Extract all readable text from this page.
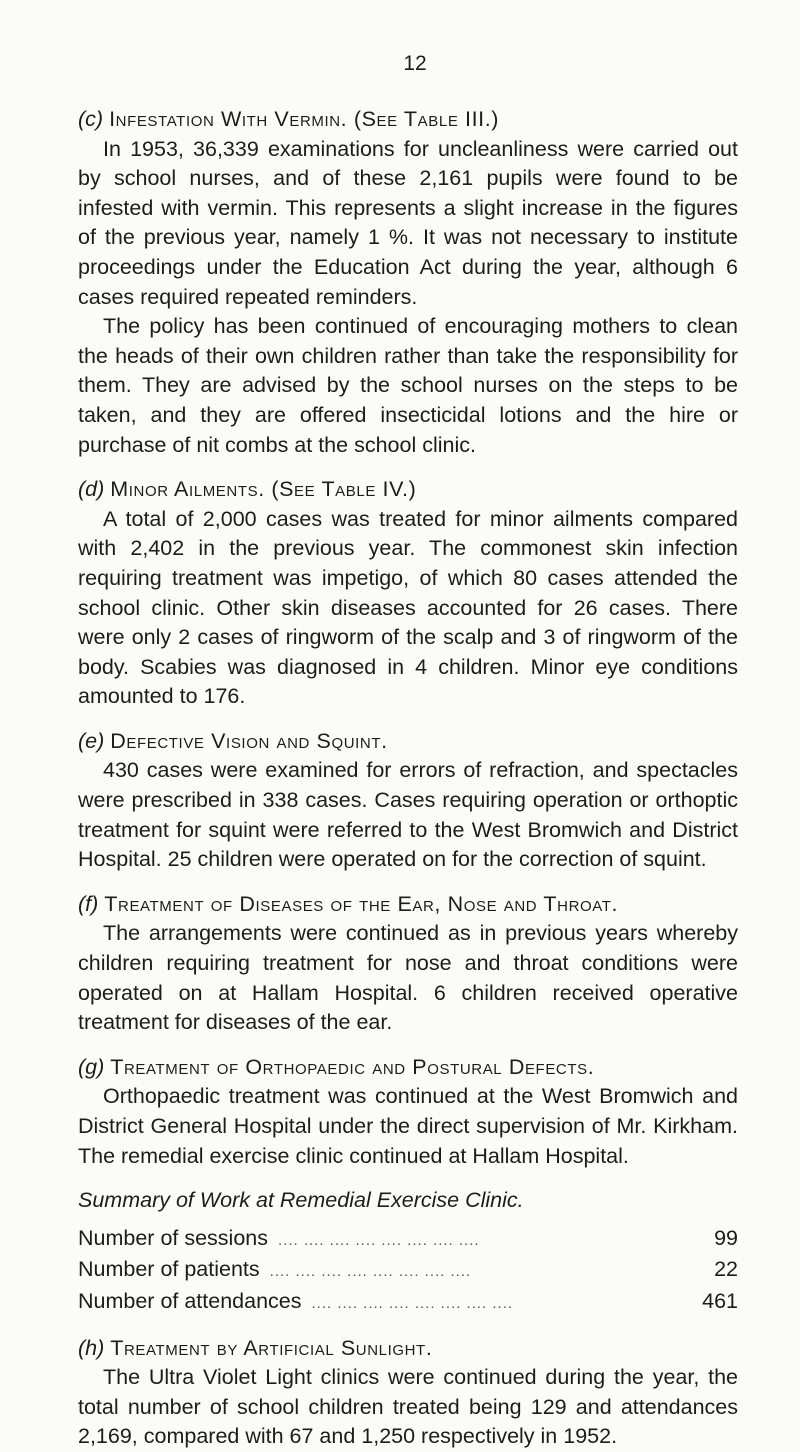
12

(c) Infestation With Vermin. (See Table III.)

In 1953, 36,339 examinations for uncleanliness were carried out by school nurses, and of these 2,161 pupils were found to be infested with vermin. This represents a slight increase in the figures of the previous year, namely 1 %. It was not necessary to institute proceedings under the Education Act during the year, although 6 cases required repeated reminders.

The policy has been continued of encouraging mothers to clean the heads of their own children rather than take the responsibility for them. They are advised by the school nurses on the steps to be taken, and they are offered insecticidal lotions and the hire or purchase of nit combs at the school clinic.

(d) Minor Ailments. (See Table IV.)

A total of 2,000 cases was treated for minor ailments compared with 2,402 in the previous year. The commonest skin infection requiring treatment was impetigo, of which 80 cases attended the school clinic. Other skin diseases accounted for 26 cases. There were only 2 cases of ringworm of the scalp and 3 of ringworm of the body. Scabies was diagnosed in 4 children. Minor eye conditions amounted to 176.

(e) Defective Vision and Squint.

430 cases were examined for errors of refraction, and spectacles were prescribed in 338 cases. Cases requiring operation or orthoptic treatment for squint were referred to the West Bromwich and District Hospital. 25 children were operated on for the correction of squint.

(f) Treatment of Diseases of the Ear, Nose and Throat.

The arrangements were continued as in previous years whereby children requiring treatment for nose and throat conditions were operated on at Hallam Hospital. 6 children received operative treatment for diseases of the ear.

(g) Treatment of Orthopaedic and Postural Defects.

Orthopaedic treatment was continued at the West Bromwich and District General Hospital under the direct supervision of Mr. Kirkham. The remedial exercise clinic continued at Hallam Hospital.

Summary of Work at Remedial Exercise Clinic.

Number of sessions .... .... .... .... .... .... .... ....	99
Number of patients .... .... .... .... .... .... .... ....	22
Number of attendances .... .... .... .... .... .... .... ....	461

(h) Treatment by Artificial Sunlight.

The Ultra Violet Light clinics were continued during the year, the total number of school children treated being 129 and attendances 2,169, compared with 67 and 1,250 respectively in 1952.
